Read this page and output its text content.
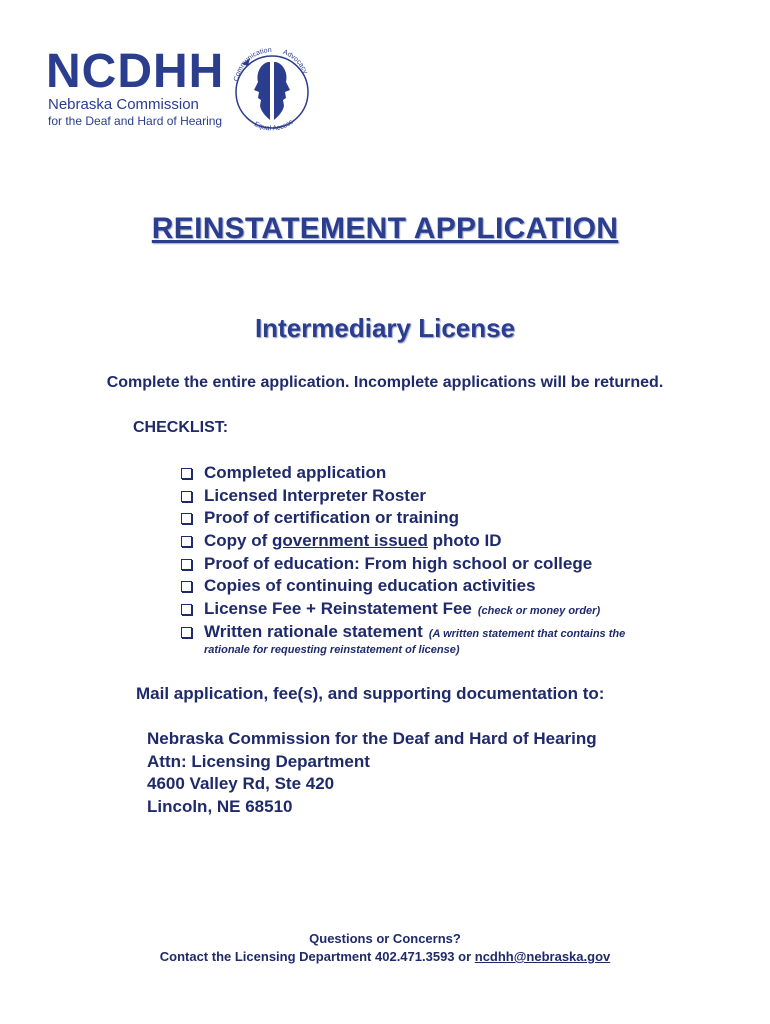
NCDHH
Nebraska Commission
for the Deaf and Hard of Hearing
Communication Advocacy
Equal Access
REINSTATEMENT APPLICATION
Intermediary License
Complete the entire application. Incomplete applications will be returned.
CHECKLIST:
Completed application
Licensed Interpreter Roster
Proof of certification or training
Copy of government issued photo ID
Proof of education: From high school or college
Copies of continuing education activities
License Fee + Reinstatement Fee (check or money order)
Written rationale statement (A written statement that contains the
rationale for requesting reinstatement of license)
Mail application, fee(s), and supporting documentation to:
Nebraska Commission for the Deaf and Hard of Hearing
Attn: Licensing Department
4600 Valley Rd, Ste 420
Lincoln, NE 68510
Questions or Concerns?
Contact the Licensing Department 402.471.3593 or ncdhh@nebraska.gov
